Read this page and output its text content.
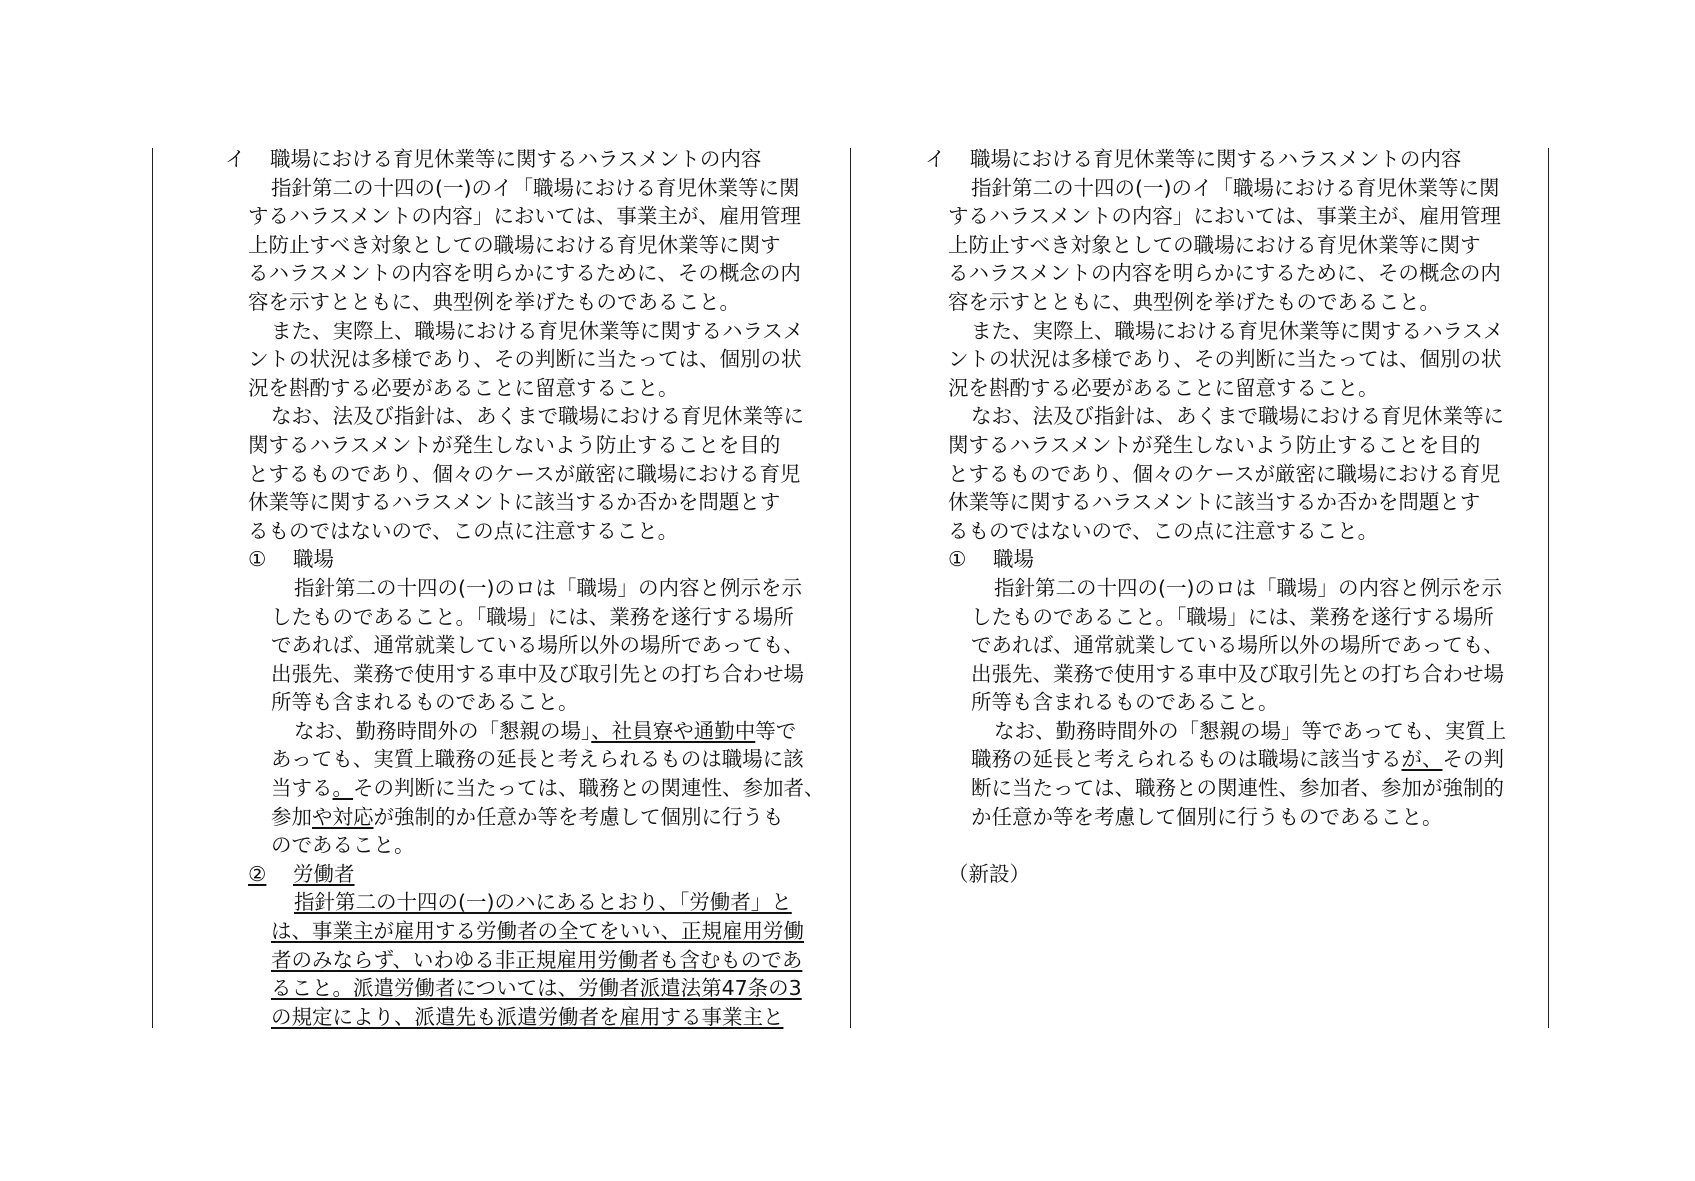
イ 職場における育児休業等に関するハラスメントの内容
指針第二の十四の(一)のイ「職場における育児休業等に関
するハラスメントの内容」においては、事業主が、雇用管理
上防止すべき対象としての職場における育児休業等に関す
るハラスメントの内容を明らかにするために、その概念の内
容を示すとともに、典型例を挙げたものであること。
また、実際上、職場における育児休業等に関するハラスメ
ントの状況は多様であり、その判断に当たっては、個別の状
況を斟酌する必要があることに留意すること。
なお、法及び指針は、あくまで職場における育児休業等に
関するハラスメントが発生しないよう防止することを目的
とするものであり、個々のケースが厳密に職場における育児
休業等に関するハラスメントに該当するか否かを問題とす
るものではないので、この点に注意すること。
① 職場
指針第二の十四の(一)のロは「職場」の内容と例示を示
したものであること。「職場」には、業務を遂行する場所
であれば、通常就業している場所以外の場所であっても、
出張先、業務で使用する車中及び取引先との打ち合わせ場
所等も含まれるものであること。
なお、勤務時間外の「懇親の場」、社員寮や通勤中等で
あっても、実質上職務の延長と考えられるものは職場に該
当する。その判断に当たっては、職務との関連性、参加者、
参加や対応が強制的か任意か等を考慮して個別に行うも
のであること。
② 労働者
指針第二の十四の(一)のハにあるとおり、「労働者」と
は、事業主が雇用する労働者の全てをいい、正規雇用労働
者のみならず、いわゆる非正規雇用労働者も含むものであ
ること。派遣労働者については、労働者派遣法第47条の3
の規定により、派遣先も派遣労働者を雇用する事業主と
イ 職場における育児休業等に関するハラスメントの内容
指針第二の十四の(一)のイ「職場における育児休業等に関
するハラスメントの内容」においては、事業主が、雇用管理
上防止すべき対象としての職場における育児休業等に関す
るハラスメントの内容を明らかにするために、その概念の内
容を示すとともに、典型例を挙げたものであること。
また、実際上、職場における育児休業等に関するハラスメ
ントの状況は多様であり、その判断に当たっては、個別の状
況を斟酌する必要があることに留意すること。
なお、法及び指針は、あくまで職場における育児休業等に
関するハラスメントが発生しないよう防止することを目的
とするものであり、個々のケースが厳密に職場における育児
休業等に関するハラスメントに該当するか否かを問題とす
るものではないので、この点に注意すること。
① 職場
指針第二の十四の(一)のロは「職場」の内容と例示を示
したものであること。「職場」には、業務を遂行する場所
であれば、通常就業している場所以外の場所であっても、
出張先、業務で使用する車中及び取引先との打ち合わせ場
所等も含まれるものであること。
なお、勤務時間外の「懇親の場」等であっても、実質上
職務の延長と考えられるものは職場に該当するが、その判
断に当たっては、職務との関連性、参加者、参加が強制的
か任意か等を考慮して個別に行うものであること。
（新設）
